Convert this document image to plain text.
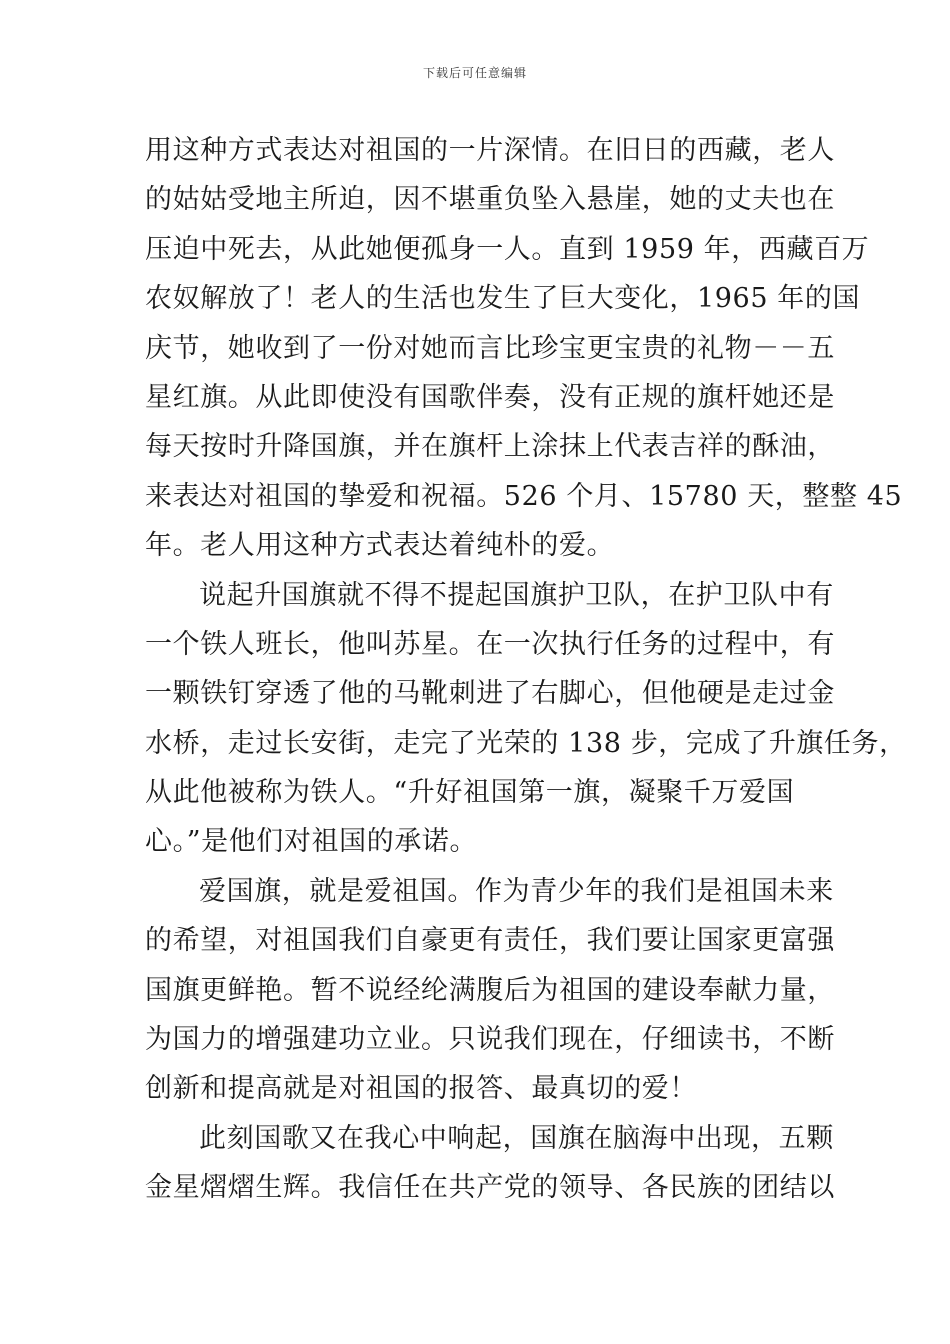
下载后可任意编辑
用这种方式表达对祖国的一片深情。在旧日的西藏，老人
的姑姑受地主所迫，因不堪重负坠入悬崖，她的丈夫也在
压迫中死去，从此她便孤身一人。直到 1959 年，西藏百万
农奴解放了！老人的生活也发生了巨大变化，1965 年的国
庆节，她收到了一份对她而言比珍宝更宝贵的礼物－－五
星红旗。从此即使没有国歌伴奏，没有正规的旗杆她还是
每天按时升降国旗，并在旗杆上涂抹上代表吉祥的酥油，
来表达对祖国的挚爱和祝福。526 个月、15780 天，整整 45
年。老人用这种方式表达着纯朴的爱。
说起升国旗就不得不提起国旗护卫队，在护卫队中有
一个铁人班长，他叫苏星。在一次执行任务的过程中，有
一颗铁钉穿透了他的马靴刺进了右脚心，但他硬是走过金
水桥，走过长安街，走完了光荣的 138 步，完成了升旗任务，
从此他被称为铁人。“升好祖国第一旗，凝聚千万爱国
心。”是他们对祖国的承诺。
爱国旗，就是爱祖国。作为青少年的我们是祖国未来
的希望，对祖国我们自豪更有责任，我们要让国家更富强
国旗更鲜艳。暂不说经纶满腹后为祖国的建设奉献力量，
为国力的增强建功立业。只说我们现在，仔细读书，不断
创新和提高就是对祖国的报答、最真切的爱！
此刻国歌又在我心中响起，国旗在脑海中出现，五颗
金星熠熠生辉。我信任在共产党的领导、各民族的团结以
